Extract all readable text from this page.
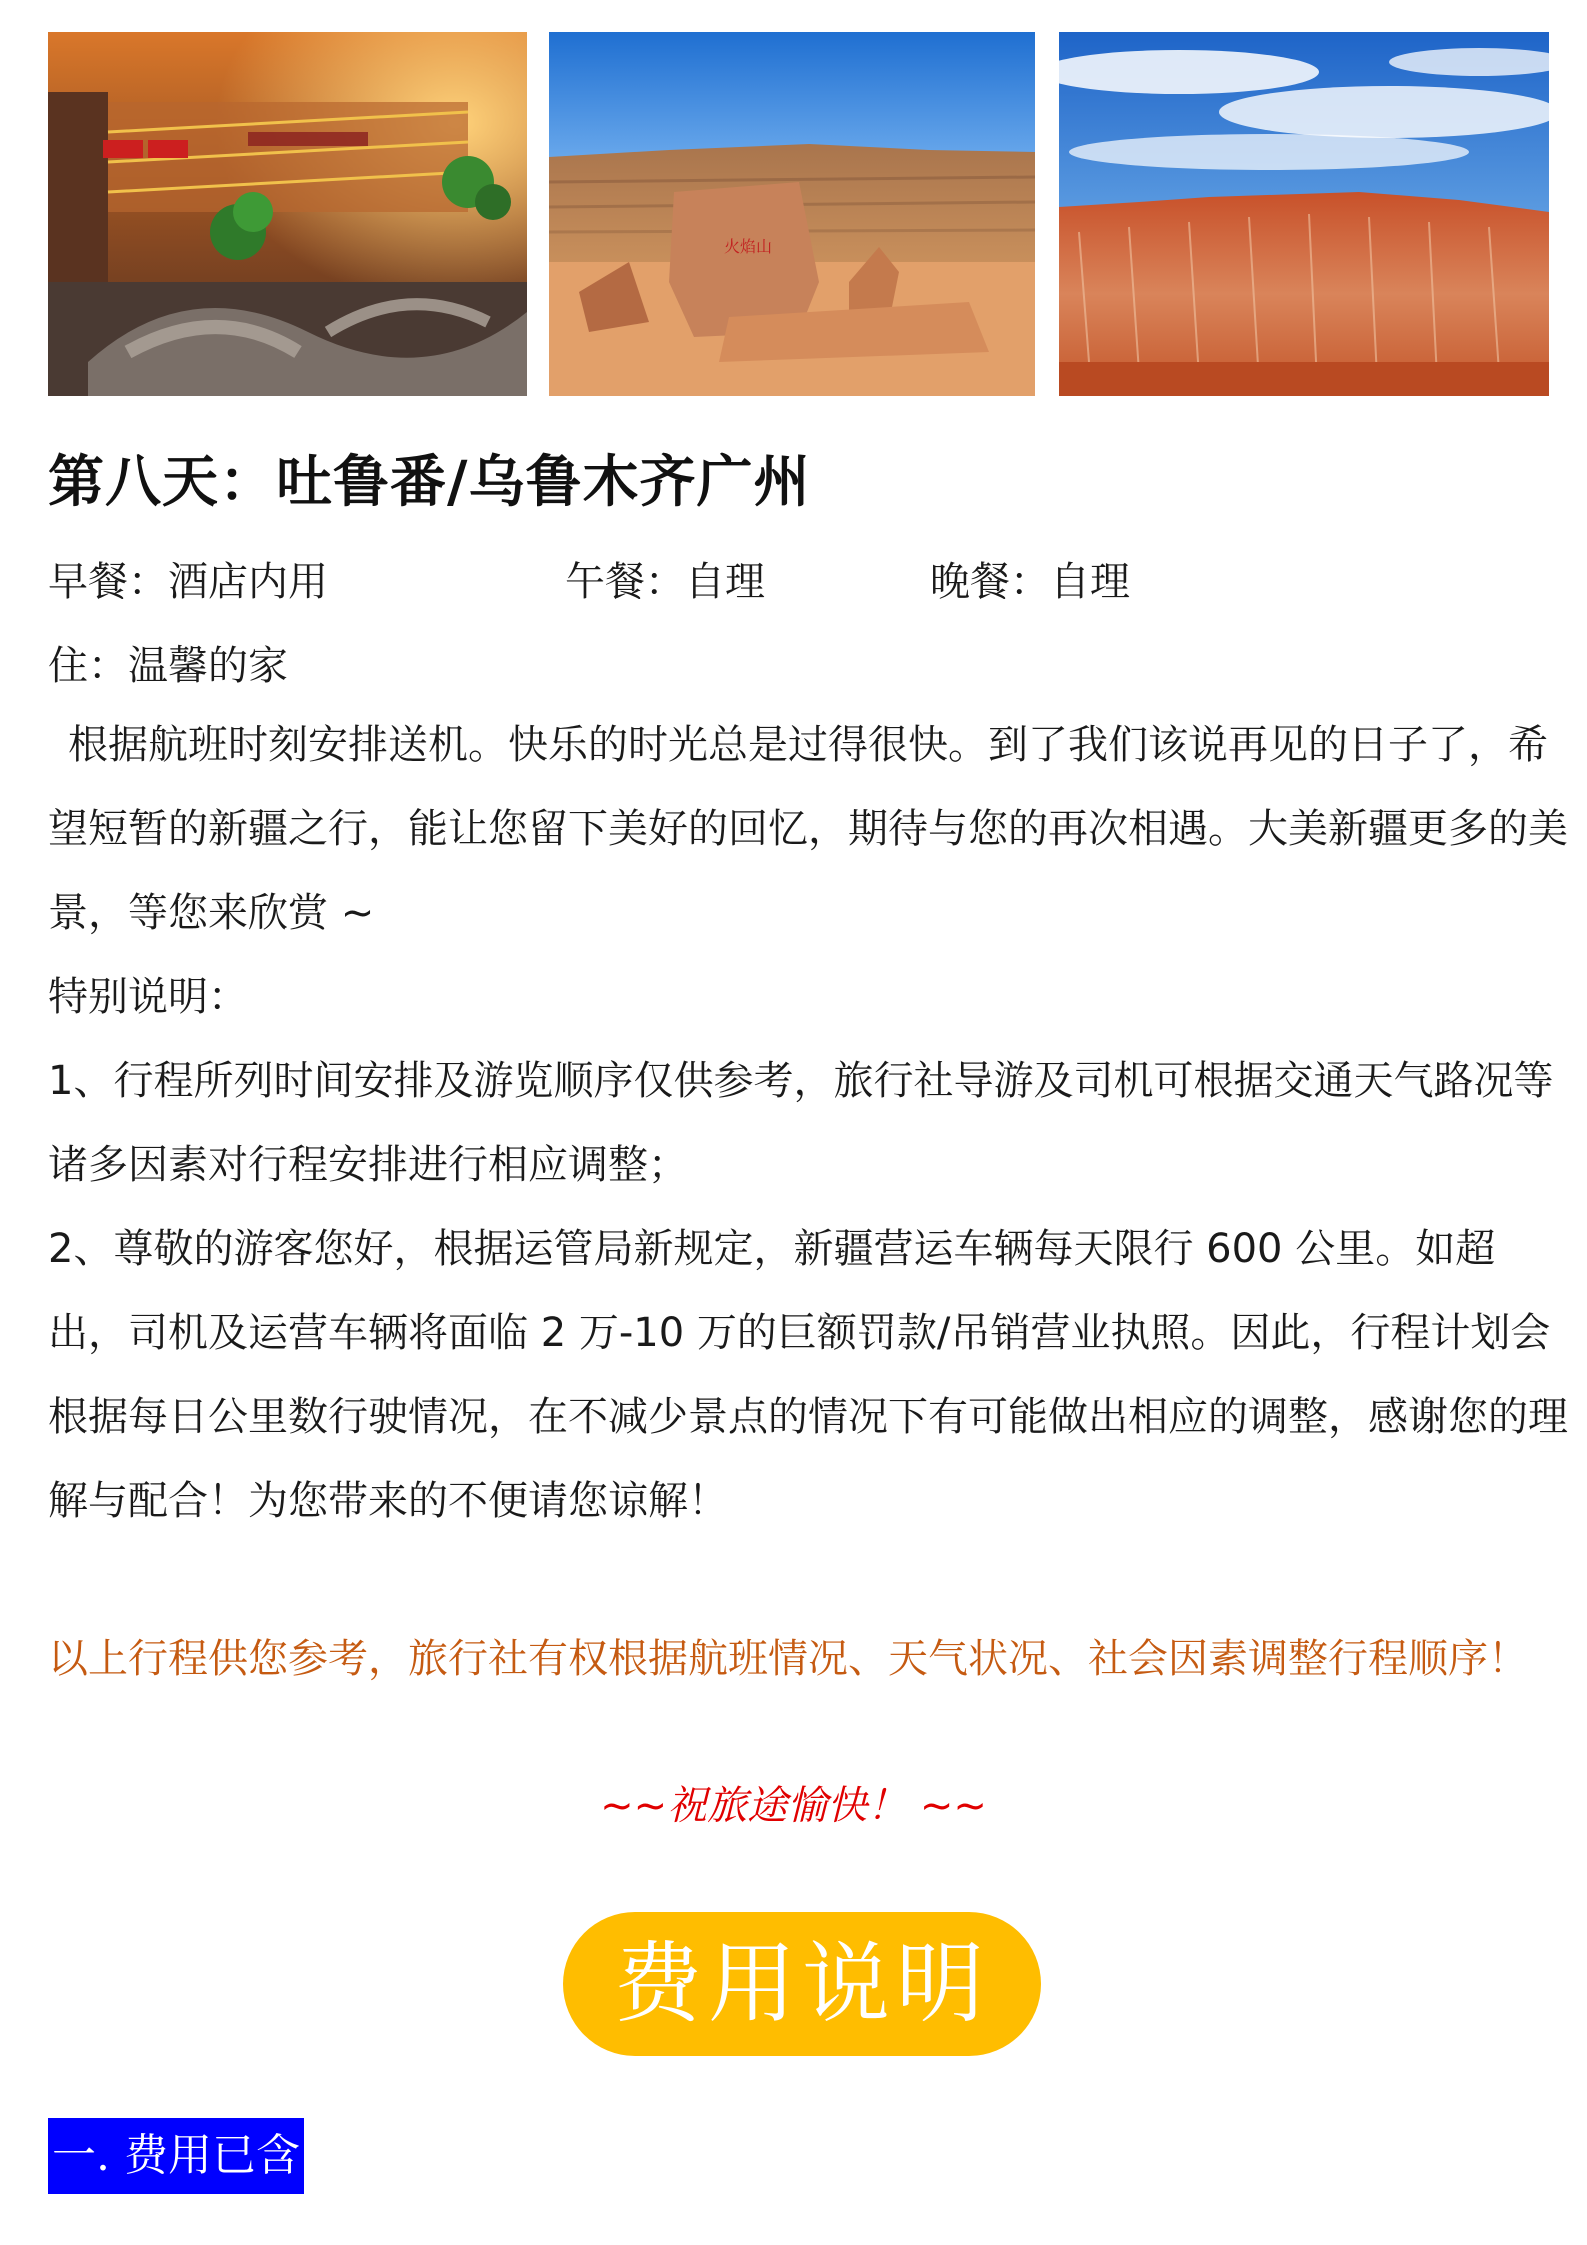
火焰山
第八天：吐鲁番/乌鲁木齐广州
早餐：酒店内用	午餐：自理	晚餐：自理
住：温馨的家
根据航班时刻安排送机。快乐的时光总是过得很快。到了我们该说再见的日子了，希望短暂的新疆之行，能让您留下美好的回忆，期待与您的再次相遇。大美新疆更多的美景，等您来欣赏 ~
特别说明：
1、行程所列时间安排及游览顺序仅供参考，旅行社导游及司机可根据交通天气路况等诸多因素对行程安排进行相应调整；
2、尊敬的游客您好，根据运管局新规定，新疆营运车辆每天限行 600 公里。如超出，司机及运营车辆将面临 2 万-10 万的巨额罚款/吊销营业执照。因此，行程计划会根据每日公里数行驶情况，在不减少景点的情况下有可能做出相应的调整，感谢您的理解与配合！为您带来的不便请您谅解！
以上行程供您参考，旅行社有权根据航班情况、天气状况、社会因素调整行程顺序！
~~祝旅途愉快！ ~~
费用说明
一. 费用已含
